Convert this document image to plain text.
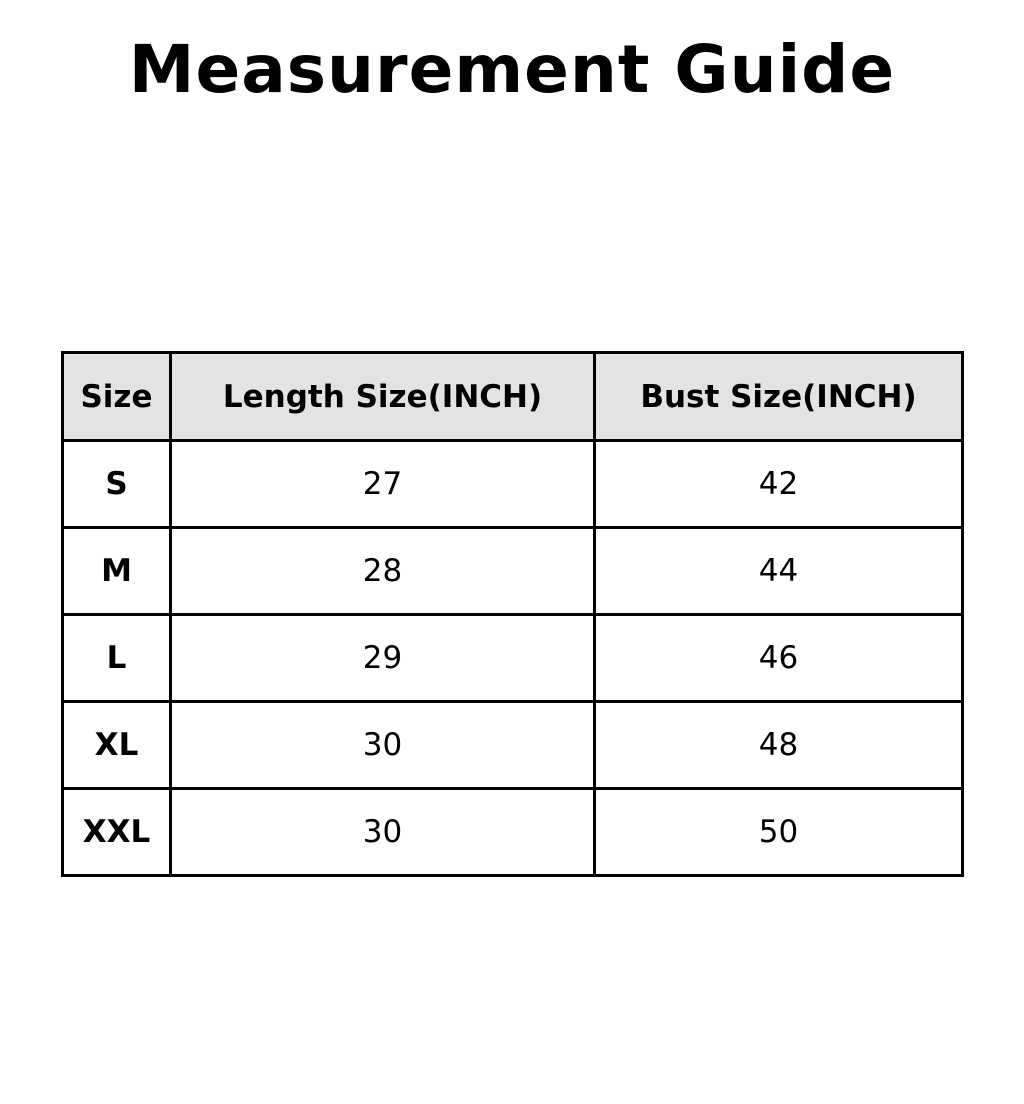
Measurement Guide
Size	Length Size(INCH)	Bust Size(INCH)
S	27	42
M	28	44
L	29	46
XL	30	48
XXL	30	50
